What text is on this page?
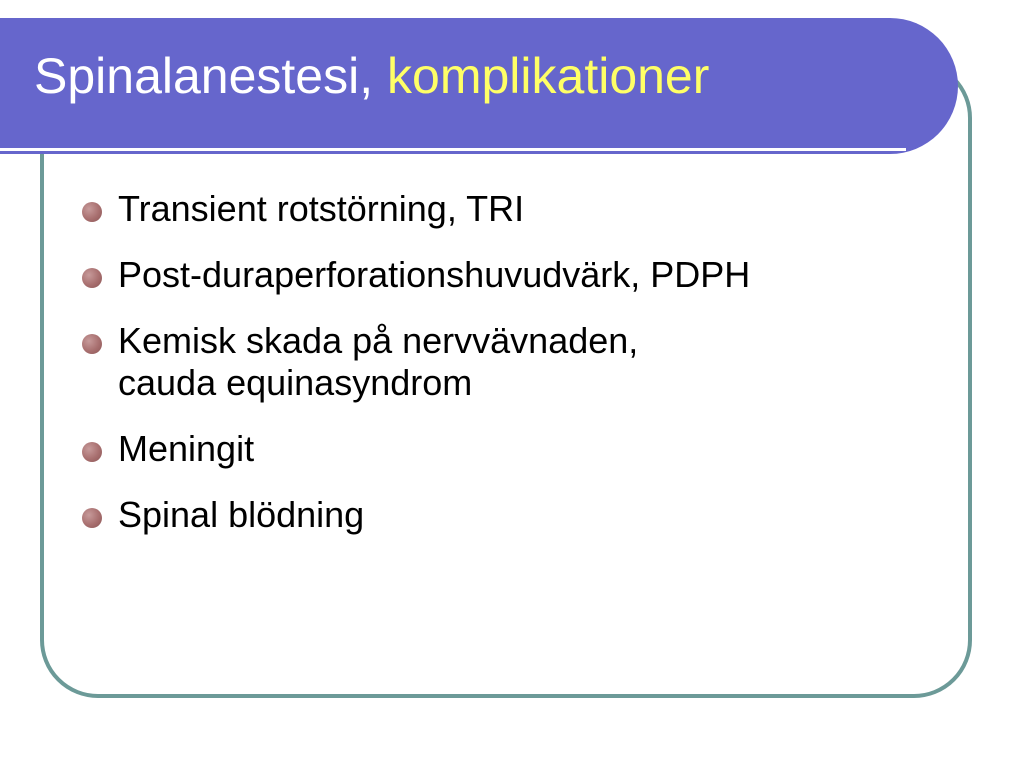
Spinalanestesi, komplikationer
Transient rotstörning, TRI
Post-duraperforationshuvudvärk, PDPH
Kemisk skada på nervvävnaden,
cauda equinasyndrom
Meningit
Spinal blödning
